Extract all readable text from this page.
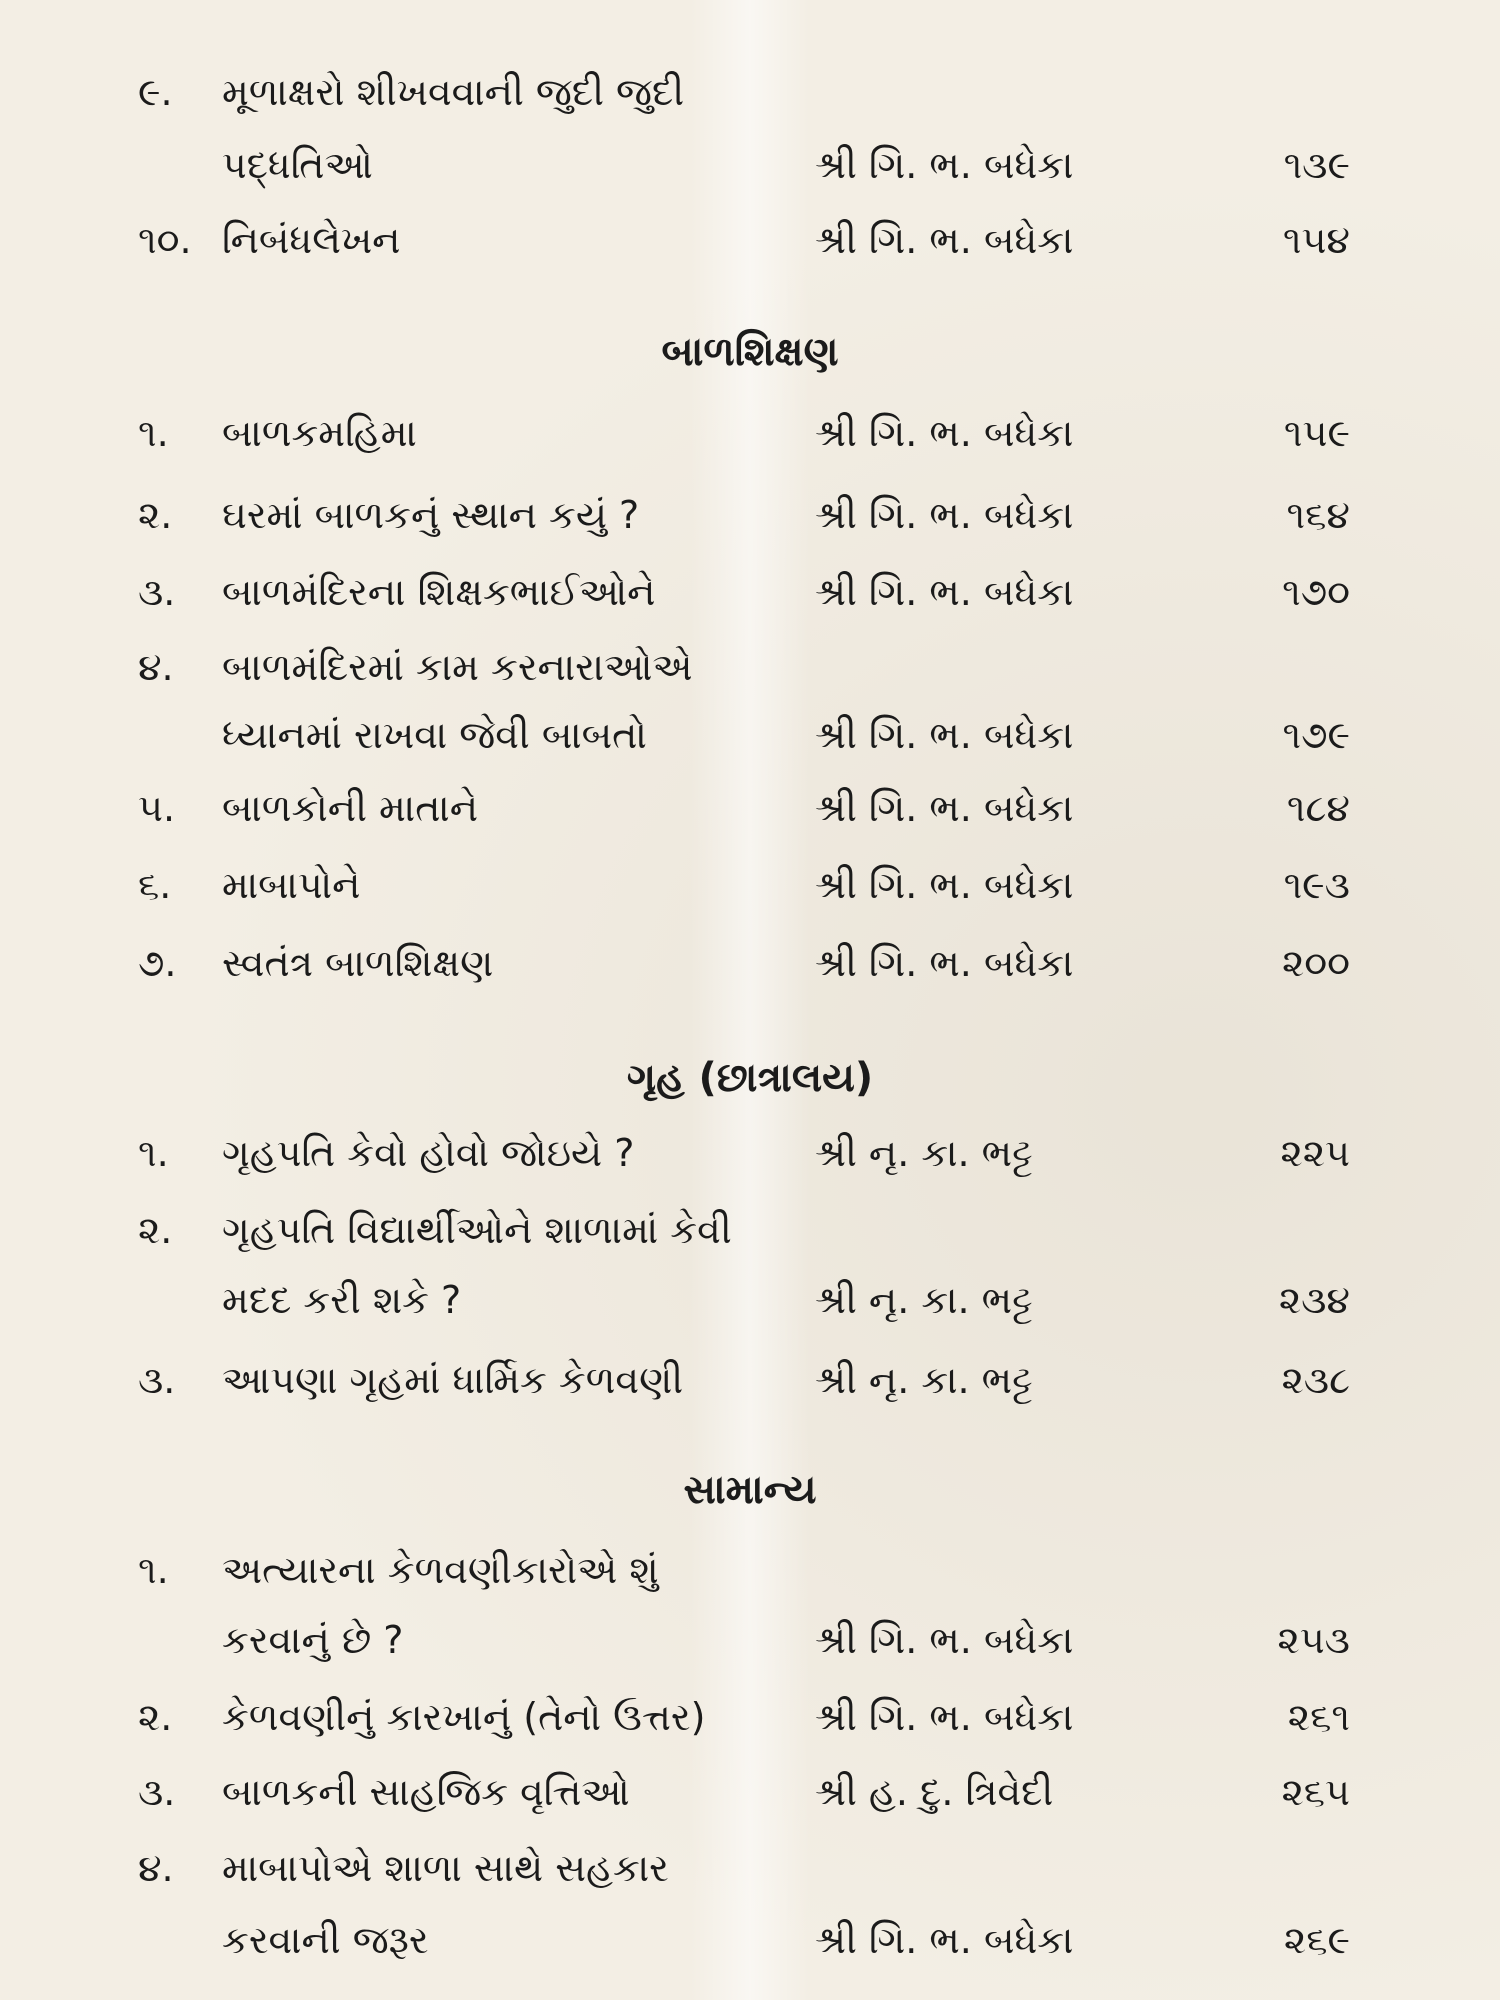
૯. મૂળાક્ષરો શીખવવાની જુદી જુદી
પદ્ધતિઓ	શ્રી ગિ. ભ. બધેકા	૧૩૯
૧૦. નિબંધલેખન	શ્રી ગિ. ભ. બધેકા	૧૫૪
બાળશિક્ષણ
૧. બાળકમહિમા	શ્રી ગિ. ભ. બધેકા	૧૫૯
૨. ઘરમાં બાળકનું સ્થાન કયું ?	શ્રી ગિ. ભ. બધેકા	૧૬૪
૩. બાળમંદિરના શિક્ષકભાઈઓને	શ્રી ગિ. ભ. બધેકા	૧૭૦
૪. બાળમંદિરમાં કામ કરનારાઓએ
ધ્યાનમાં રાખવા જેવી બાબતો	શ્રી ગિ. ભ. બધેકા	૧૭૯
૫. બાળકોની માતાને	શ્રી ગિ. ભ. બધેકા	૧૮૪
૬. માબાપોને	શ્રી ગિ. ભ. બધેકા	૧૯૩
૭. સ્વતંત્ર બાળશિક્ષણ	શ્રી ગિ. ભ. બધેકા	૨૦૦
ગૃહ (છાત્રાલય)
૧. ગૃહપતિ કેવો હોવો જોઇયે ?	શ્રી નૃ. કા. ભટ્ટ	૨૨૫
૨. ગૃહપતિ વિદ્યાર્થીઓને શાળામાં કેવી
મદદ કરી શકે ?	શ્રી નૃ. કા. ભટ્ટ	૨૩૪
૩. આપણા ગૃહમાં ધાર્મિક કેળવણી	શ્રી નૃ. કા. ભટ્ટ	૨૩૮
સામાન્ય
૧. અત્યારના કેળવણીકારોએ શું
કરવાનું છે ?	શ્રી ગિ. ભ. બધેકા	૨૫૩
૨. કેળવણીનું કારખાનું (તેનો ઉત્તર)	શ્રી ગિ. ભ. બધેકા	૨૬૧
૩. બાળકની સાહજિક વૃત્તિઓ	શ્રી હ. દુ. ત્રિવેદી	૨૬૫
૪. માબાપોએ શાળા સાથે સહકાર
કરવાની જરૂર	શ્રી ગિ. ભ. બધેકા	૨૬૯
